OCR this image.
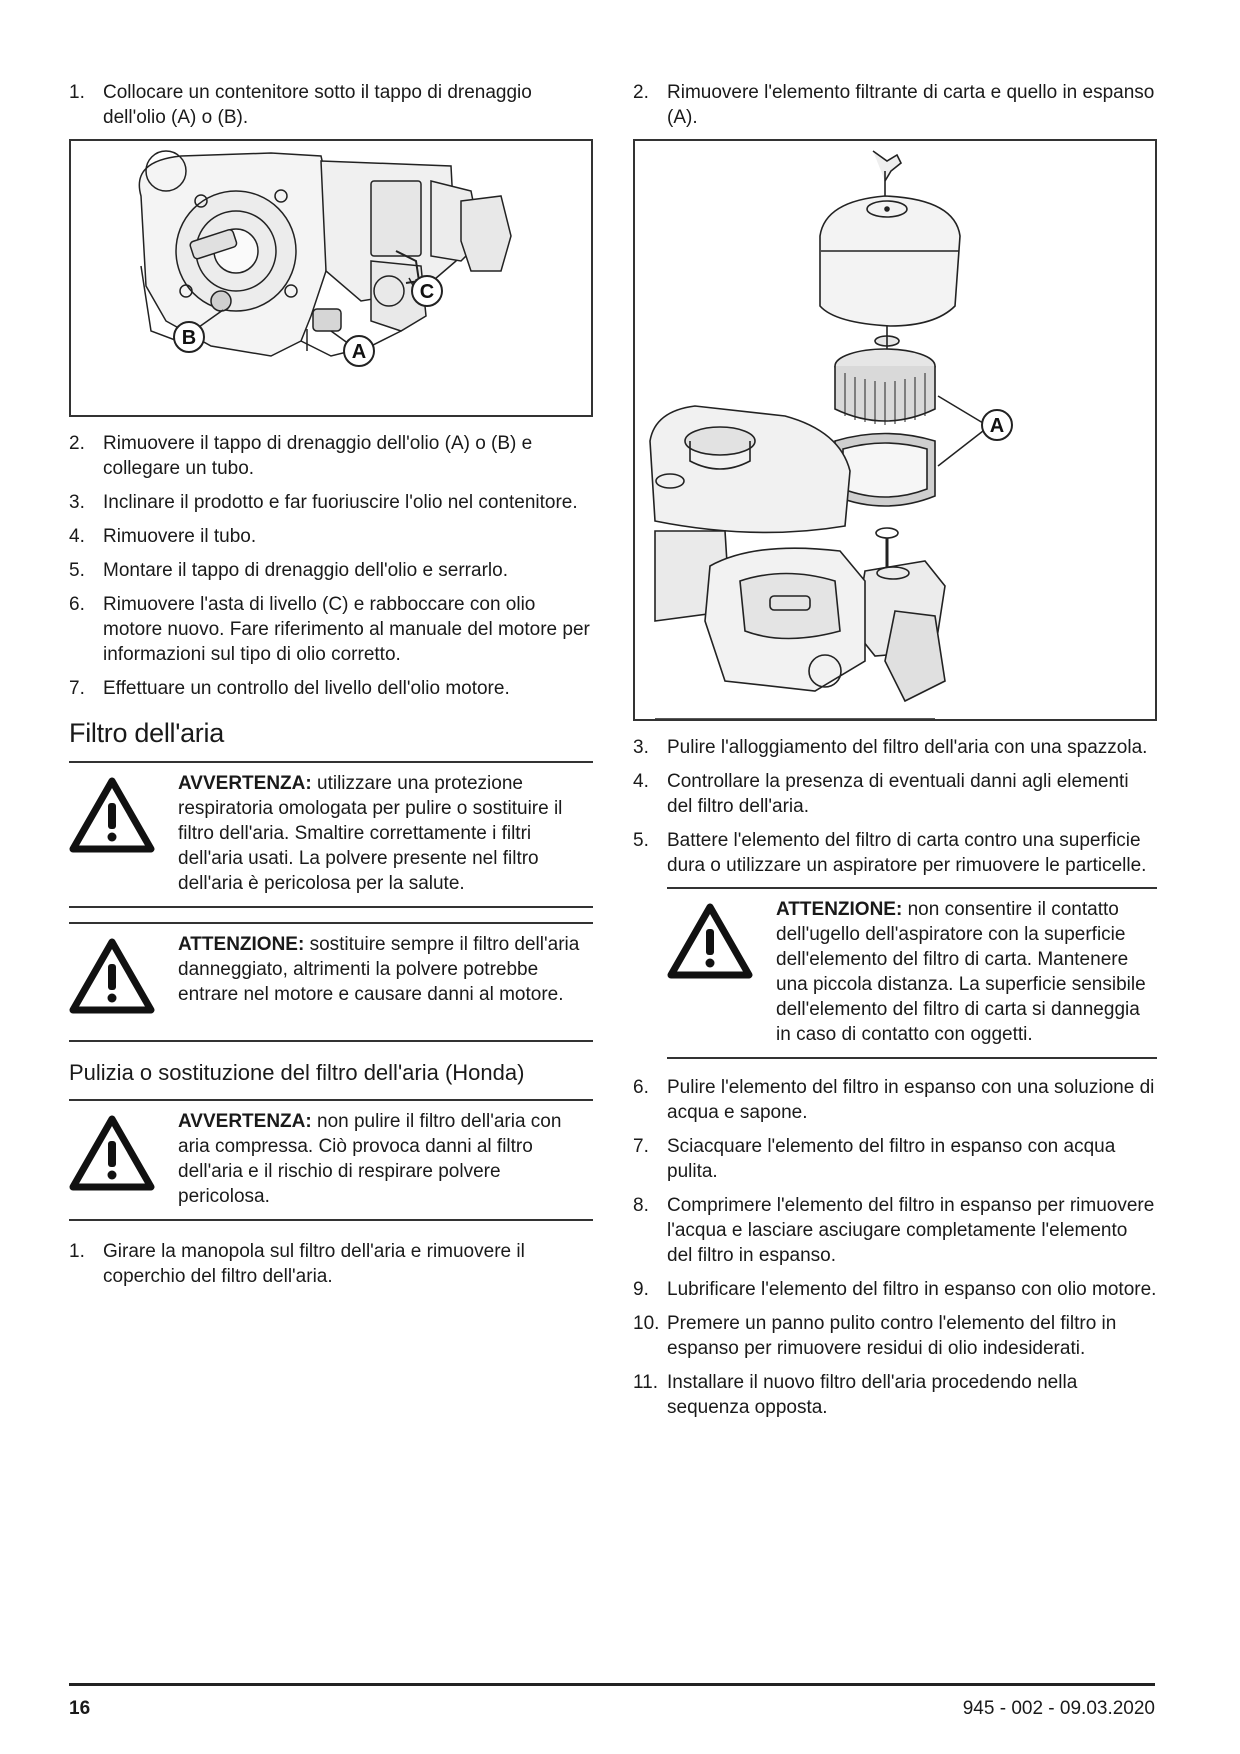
1. Collocare un contenitore sotto il tappo di drenaggio dell'olio (A) o (B).
B
A
C
2. Rimuovere il tappo di drenaggio dell'olio (A) o (B) e collegare un tubo.
3. Inclinare il prodotto e far fuoriuscire l'olio nel contenitore.
4. Rimuovere il tubo.
5. Montare il tappo di drenaggio dell'olio e serrarlo.
6. Rimuovere l'asta di livello (C) e rabboccare con olio motore nuovo. Fare riferimento al manuale del motore per informazioni sul tipo di olio corretto.
7. Effettuare un controllo del livello dell'olio motore.
Filtro dell'aria
AVVERTENZA: utilizzare una protezione respiratoria omologata per pulire o sostituire il filtro dell'aria. Smaltire correttamente i filtri dell'aria usati. La polvere presente nel filtro dell'aria è pericolosa per la salute.
ATTENZIONE: sostituire sempre il filtro dell'aria danneggiato, altrimenti la polvere potrebbe entrare nel motore e causare danni al motore.
Pulizia o sostituzione del filtro dell'aria (Honda)
AVVERTENZA: non pulire il filtro dell'aria con aria compressa. Ciò provoca danni al filtro dell'aria e il rischio di respirare polvere pericolosa.
1. Girare la manopola sul filtro dell'aria e rimuovere il coperchio del filtro dell'aria.
2. Rimuovere l'elemento filtrante di carta e quello in espanso (A).
A
3. Pulire l'alloggiamento del filtro dell'aria con una spazzola.
4. Controllare la presenza di eventuali danni agli elementi del filtro dell'aria.
5. Battere l'elemento del filtro di carta contro una superficie dura o utilizzare un aspiratore per rimuovere le particelle.
ATTENZIONE: non consentire il contatto dell'ugello dell'aspiratore con la superficie dell'elemento del filtro di carta. Mantenere una piccola distanza. La superficie sensibile dell'elemento del filtro di carta si danneggia in caso di contatto con oggetti.
6. Pulire l'elemento del filtro in espanso con una soluzione di acqua e sapone.
7. Sciacquare l'elemento del filtro in espanso con acqua pulita.
8. Comprimere l'elemento del filtro in espanso per rimuovere l'acqua e lasciare asciugare completamente l'elemento del filtro in espanso.
9. Lubrificare l'elemento del filtro in espanso con olio motore.
10. Premere un panno pulito contro l'elemento del filtro in espanso per rimuovere residui di olio indesiderati.
11. Installare il nuovo filtro dell'aria procedendo nella sequenza opposta.
16	945 - 002 - 09.03.2020
